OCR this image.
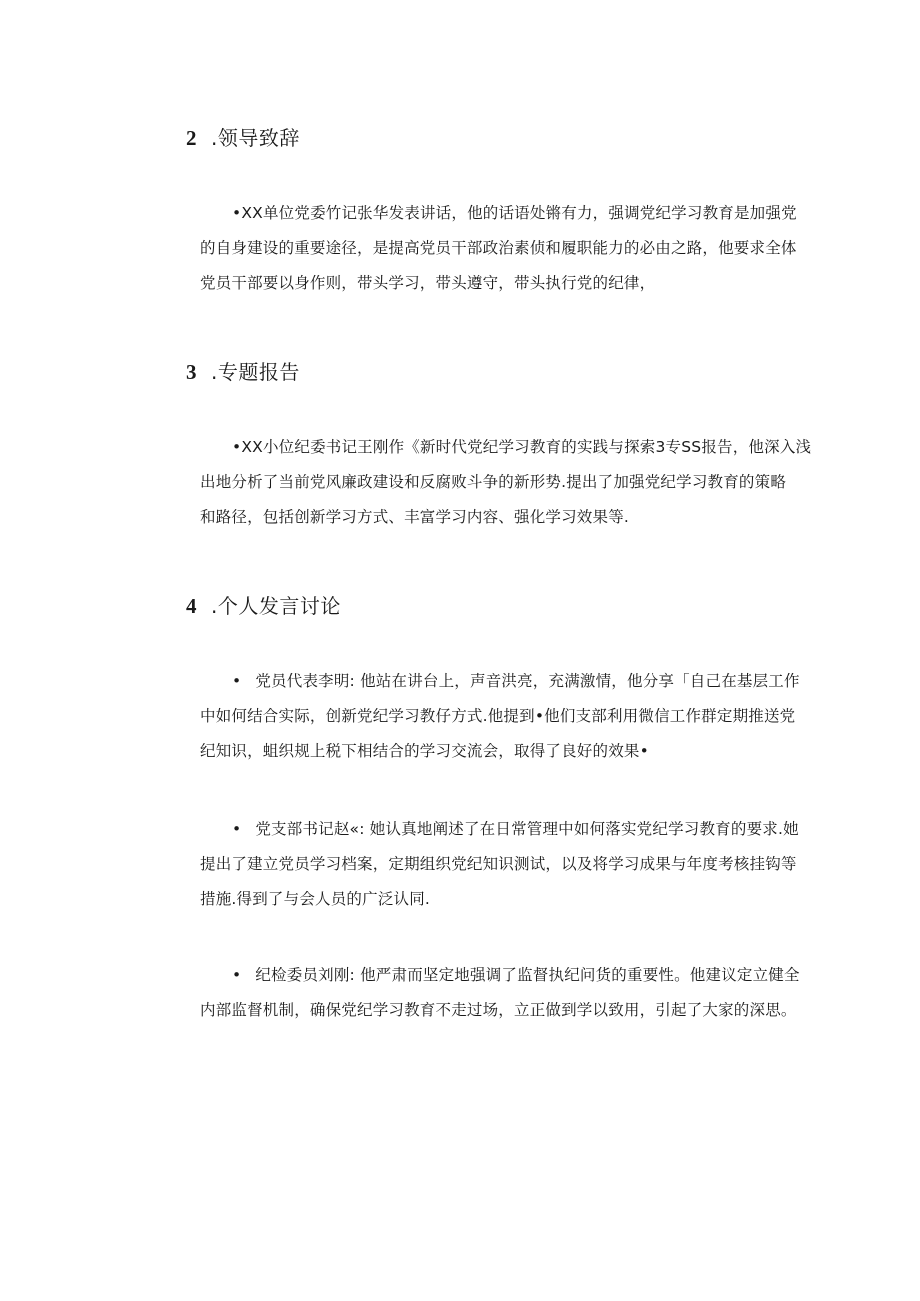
2 .领导致辞
•XX单位党委竹记张华发表讲话，他的话语处锵有力，强调党纪学习教育是加强党
的自身建设的重要途径，是提高党员干部政治素侦和履职能力的必由之路，他要求全体
党员干部要以身作则，带头学习，带头遵守，带头执行党的纪律，
3 .专题报告
•XX小位纪委书记王刚作《新时代党纪学习教育的实践与探索3专SS报告，他深入浅
出地分析了当前党风廉政建设和反腐败斗争的新形势.提出了加强党纪学习教育的策略
和路径，包括创新学习方式、丰富学习内容、强化学习效果等.
4 .个人发言讨论
• 党员代表李明: 他站在讲台上，声音洪亮，充满激情，他分享「自己在基层工作
中如何结合实际，创新党纪学习教仔方式.他提到•他们支部利用微信工作群定期推送党
纪知识，蛆织规上税下相结合的学习交流会，取得了良好的效果•
• 党支部书记赵«: 她认真地阐述了在日常管理中如何落实党纪学习教育的要求.她
提出了建立党员学习档案，定期组织党纪知识测试，以及将学习成果与年度考核挂钩等
措施.得到了与会人员的广泛认同.
• 纪检委员刘刚: 他严肃而坚定地强调了监督执纪问货的重要性。他建议定立健全
内部监督机制，确保党纪学习教育不走过场，立正做到学以致用，引起了大家的深思。
